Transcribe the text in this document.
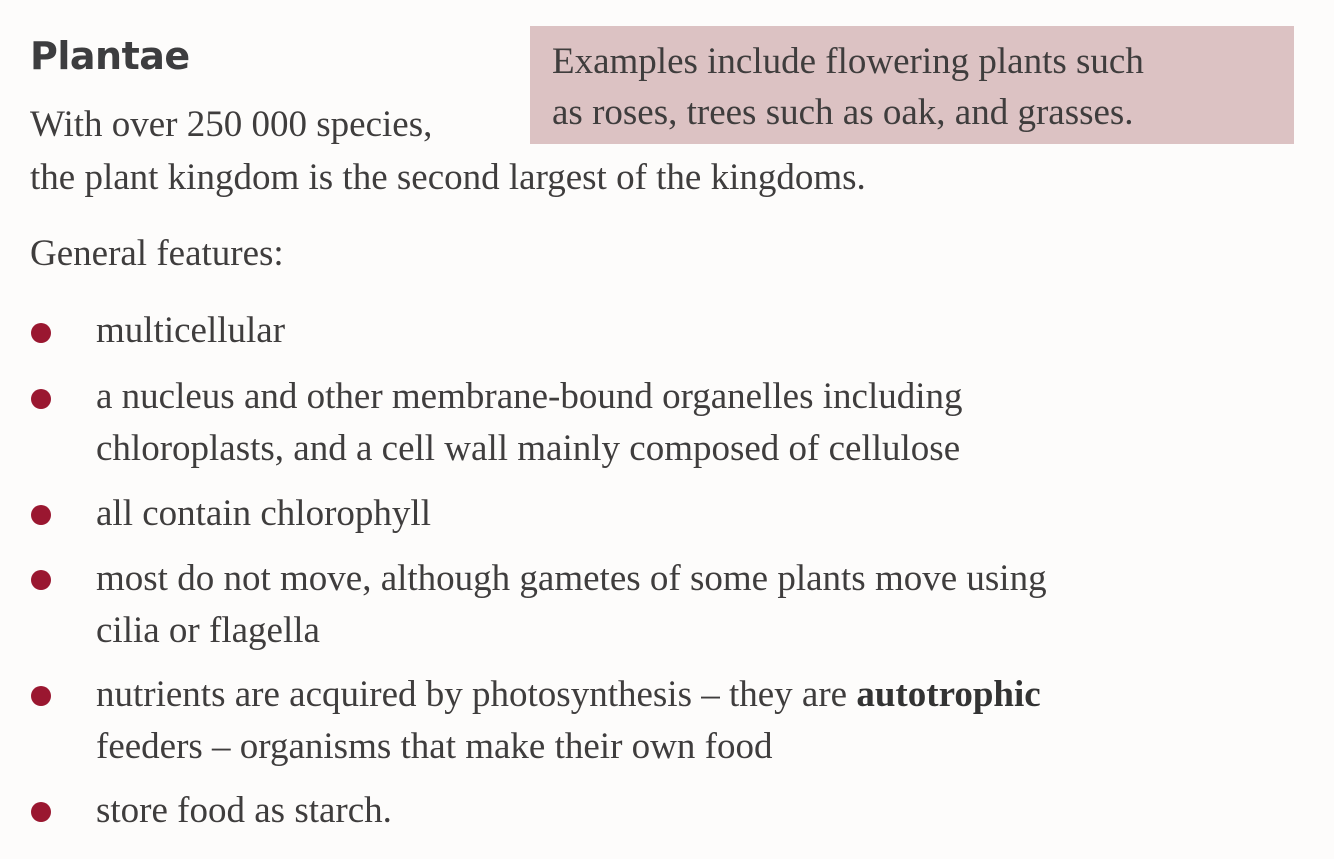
Plantae	Examples include flowering plants such
as roses, trees such as oak, and grasses.

With over 250 000 species,

the plant kingdom is the second largest of the kingdoms.

General features:

multicellular
a nucleus and other membrane-bound organelles including
chloroplasts, and a cell wall mainly composed of cellulose
all contain chlorophyll
most do not move, although gametes of some plants move using
cilia or flagella
nutrients are acquired by photosynthesis – they are autotrophic
feeders – organisms that make their own food
store food as starch.
